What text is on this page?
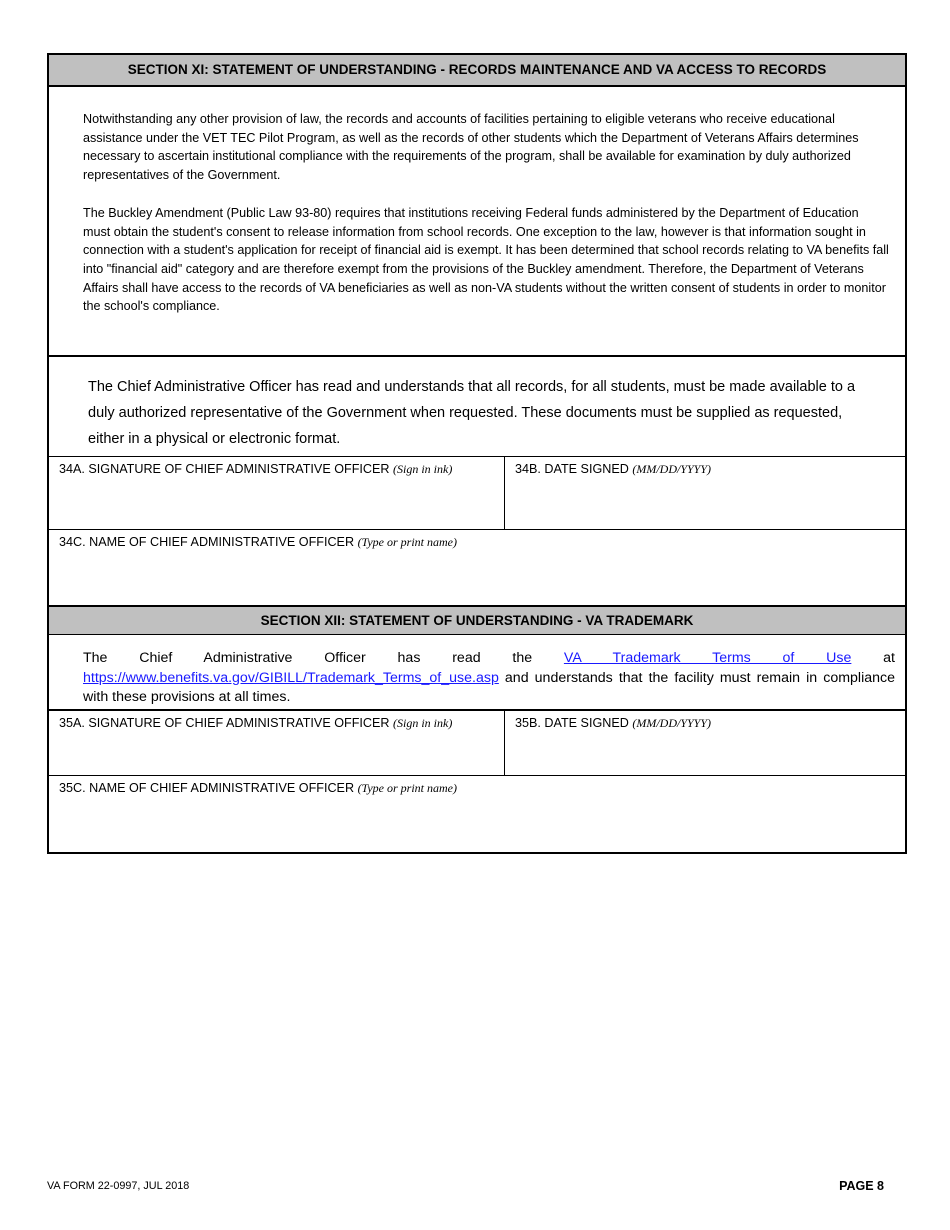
SECTION XI: STATEMENT OF UNDERSTANDING - RECORDS MAINTENANCE AND VA ACCESS TO RECORDS

Notwithstanding any other provision of law, the records and accounts of facilities pertaining to eligible veterans who receive educational assistance under the VET TEC Pilot Program, as well as the records of other students which the Department of Veterans Affairs determines necessary to ascertain institutional compliance with the requirements of the program, shall be available for examination by duly authorized representatives of the Government.

The Buckley Amendment (Public Law 93-80) requires that institutions receiving Federal funds administered by the Department of Education must obtain the student's consent to release information from school records. One exception to the law, however is that information sought in connection with a student's application for receipt of financial aid is exempt. It has been determined that school records relating to VA benefits fall into "financial aid" category and are therefore exempt from the provisions of the Buckley amendment. Therefore, the Department of Veterans Affairs shall have access to the records of VA beneficiaries as well as non-VA students without the written consent of students in order to monitor the school's compliance.

The Chief Administrative Officer has read and understands that all records, for all students, must be made available to a duly authorized representative of the Government when requested. These documents must be supplied as requested, either in a physical or electronic format.
34A. SIGNATURE OF CHIEF ADMINISTRATIVE OFFICER (Sign in ink)	34B. DATE SIGNED (MM/DD/YYYY)
34C. NAME OF CHIEF ADMINISTRATIVE OFFICER (Type or print name)
SECTION XII: STATEMENT OF UNDERSTANDING - VA TRADEMARK
The Chief Administrative Officer has read the VA Trademark Terms of Use at https://www.benefits.va.gov/GIBILL/Trademark_Terms_of_use.asp and understands that the facility must remain in compliance with these provisions at all times.
35A. SIGNATURE OF CHIEF ADMINISTRATIVE OFFICER (Sign in ink)	35B. DATE SIGNED (MM/DD/YYYY)
35C. NAME OF CHIEF ADMINISTRATIVE OFFICER (Type or print name)
VA FORM 22-0997, JUL 2018	PAGE 8
